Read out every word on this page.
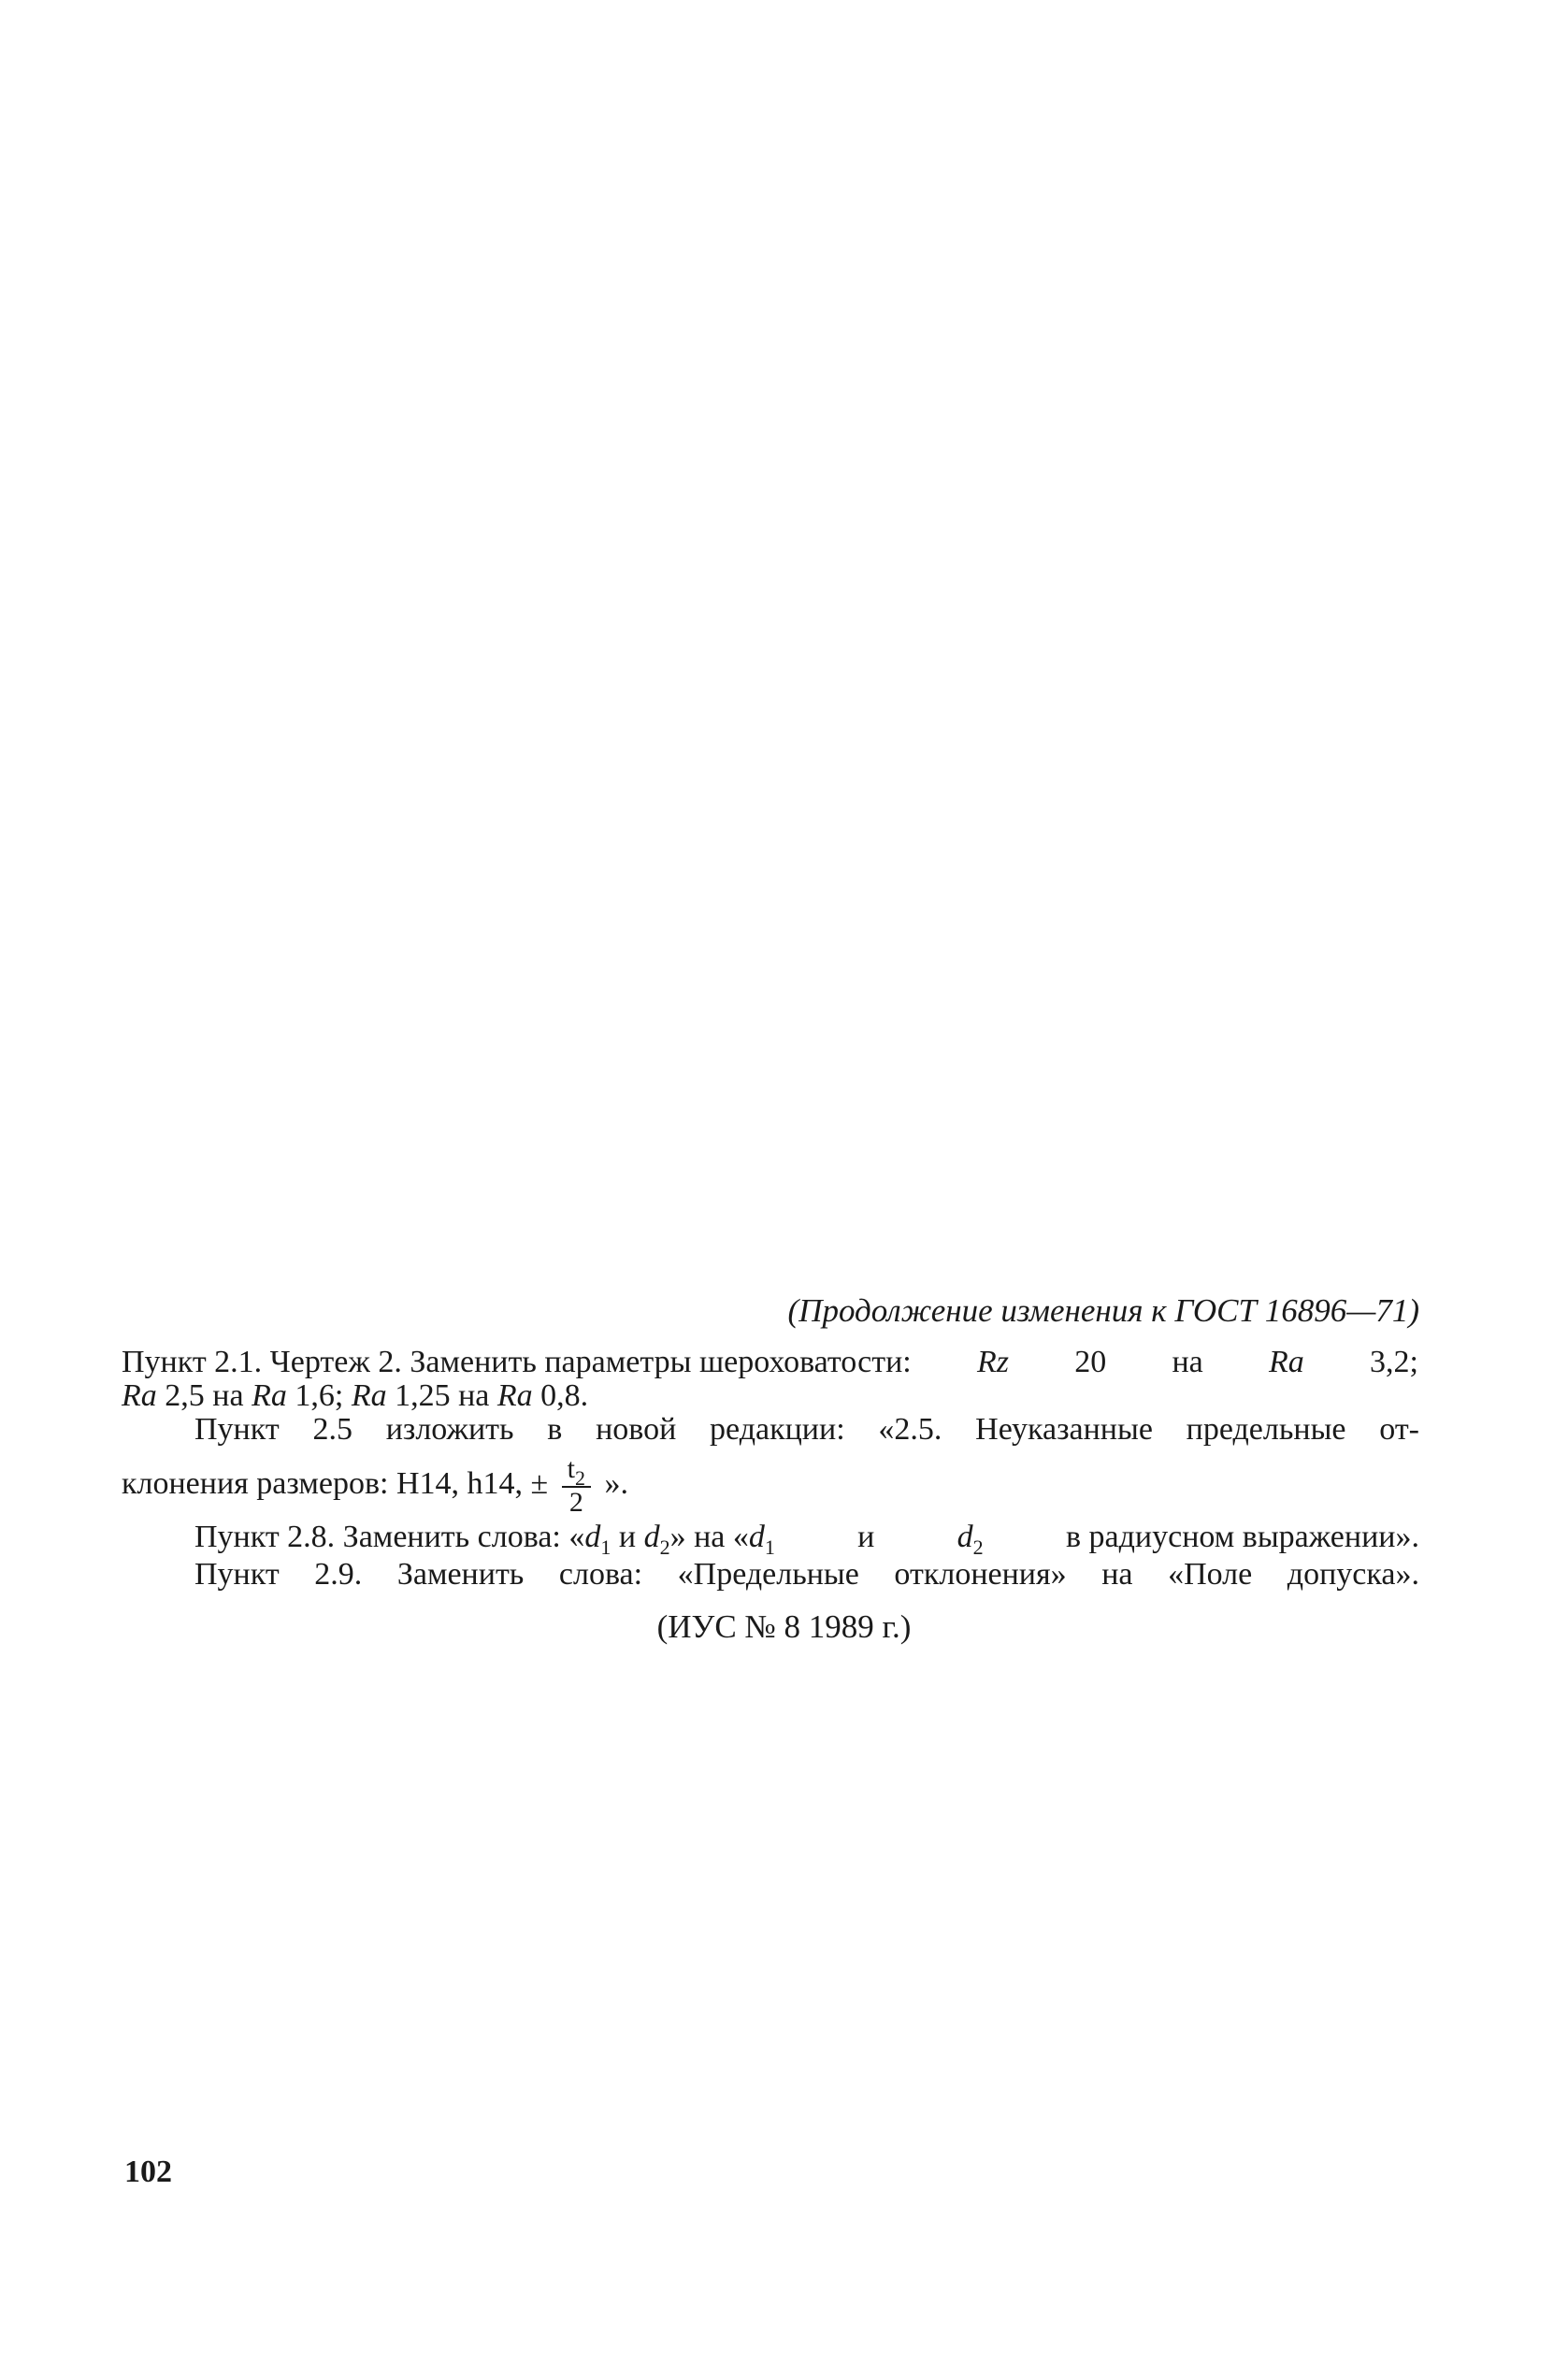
(Продолжение изменения к ГОСТ 16896—71)
Пункт 2.1. Чертеж 2. Заменить параметры шероховатости: Rz 20 на Ra 3,2;
Ra 2,5 на Ra 1,6; Ra 1,25 на Ra 0,8.
Пункт 2.5 изложить в новой редакции: «2.5. Неуказанные предельные от-
клонения размеров: H14, h14, ± $\frac{t_2}{2}$ ».
Пункт 2.8. Заменить слова: «$d_1$ и $d_2$» на «$d_1$	и	$d_2$	в радиусном выражении».
Пункт 2.9. Заменить слова: «Предельные отклонения» на «Поле допуска».
(ИУС № 8 1989 г.)
102
